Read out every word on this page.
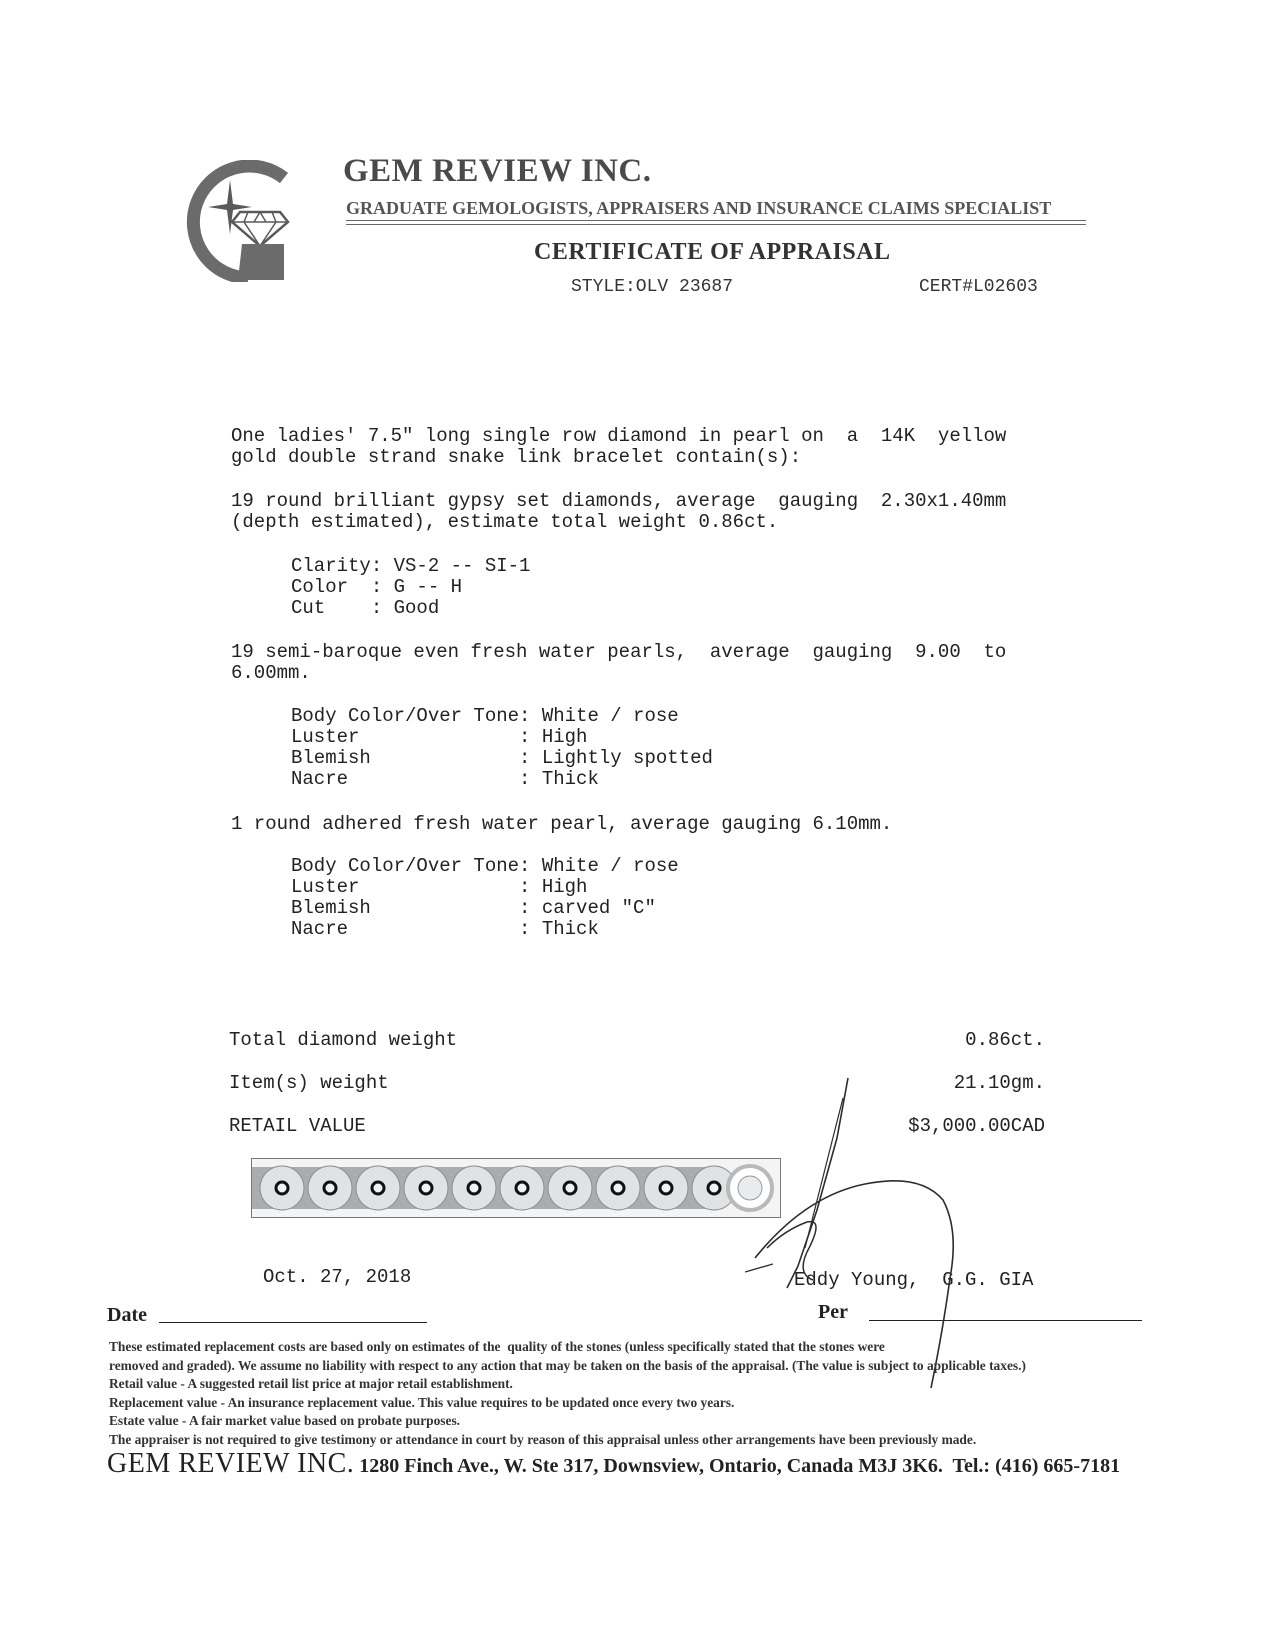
GEM REVIEW INC.
GRADUATE GEMOLOGISTS, APPRAISERS AND INSURANCE CLAIMS SPECIALIST
CERTIFICATE OF APPRAISAL
STYLE:OLV 23687	CERT#L02603
One ladies' 7.5" long single row diamond in pearl on  a  14K  yellow
gold double strand snake link bracelet contain(s):
19 round brilliant gypsy set diamonds, average  gauging  2.30x1.40mm
(depth estimated), estimate total weight 0.86ct.
Clarity: VS-2 -- SI-1
Color  : G -- H
Cut    : Good
19 semi-baroque even fresh water pearls,  average  gauging  9.00  to
6.00mm.
Body Color/Over Tone: White / rose
Luster              : High
Blemish             : Lightly spotted
Nacre               : Thick
1 round adhered fresh water pearl, average gauging 6.10mm.
Body Color/Over Tone: White / rose
Luster              : High
Blemish             : carved "C"
Nacre               : Thick
Total diamond weight	0.86ct.
Item(s) weight	21.10gm.
RETAIL VALUE	$3,000.00CAD
Oct. 27, 2018	Eddy Young,  G.G. GIA
Date	Per
These estimated replacement costs are based only on estimates of the  quality of the stones (unless specifically stated that the stones were
removed and graded). We assume no liability with respect to any action that may be taken on the basis of the appraisal. (The value is subject to applicable taxes.)
Retail value - A suggested retail list price at major retail establishment.
Replacement value - An insurance replacement value. This value requires to be updated once every two years.
Estate value - A fair market value based on probate purposes.
The appraiser is not required to give testimony or attendance in court by reason of this appraisal unless other arrangements have been previously made.
GEM REVIEW INC. 1280 Finch Ave., W. Ste 317, Downsview, Ontario, Canada M3J 3K6.  Tel.: (416) 665-7181
